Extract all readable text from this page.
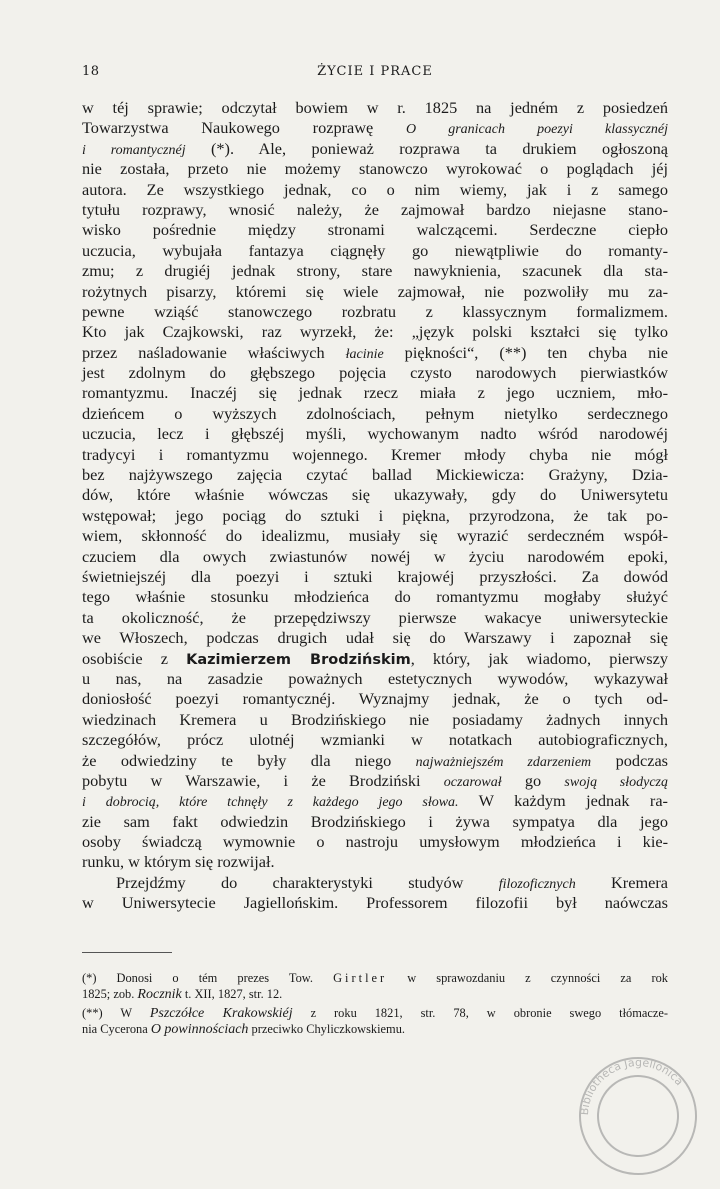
18	ŻYCIE I PRACE
w téj sprawie; odczytał bowiem w r. 1825 na jedném z posiedzeń
Towarzystwa Naukowego rozprawę O granicach poezyi klassycznéj
i romantycznéj (*). Ale, ponieważ rozprawa ta drukiem ogłoszoną
nie została, przeto nie możemy stanowczo wyrokować o poglądach jéj
autora. Ze wszystkiego jednak, co o nim wiemy, jak i z samego
tytułu rozprawy, wnosić należy, że zajmował bardzo niejasne stano-
wisko pośrednie między stronami walczącemi. Serdeczne ciepło
uczucia, wybujała fantazya ciągnęły go niewątpliwie do romanty-
zmu; z drugiéj jednak strony, stare nawyknienia, szacunek dla sta-
rożytnych pisarzy, któremi się wiele zajmował, nie pozwoliły mu za-
pewne wziąść stanowczego rozbratu z klassycznym formalizmem.
Kto jak Czajkowski, raz wyrzekł, że: „język polski kształci się tylko
przez naśladowanie właściwych łacinie piękności“, (**) ten chyba nie
jest zdolnym do głębszego pojęcia czysto narodowych pierwiastków
romantyzmu. Inaczéj się jednak rzecz miała z jego uczniem, mło-
dzieńcem o wyższych zdolnościach, pełnym nietylko serdecznego
uczucia, lecz i głębszéj myśli, wychowanym nadto wśród narodowéj
tradycyi i romantyzmu wojennego. Kremer młody chyba nie mógł
bez najżywszego zajęcia czytać ballad Mickiewicza: Grażyny, Dzia-
dów, które właśnie wówczas się ukazywały, gdy do Uniwersytetu
wstępował; jego pociąg do sztuki i piękna, przyrodzona, że tak po-
wiem, skłonność do idealizmu, musiały się wyrazić serdeczném współ-
czuciem dla owych zwiastunów nowéj w życiu narodowém epoki,
świetniejszéj dla poezyi i sztuki krajowéj przyszłości. Za dowód
tego właśnie stosunku młodzieńca do romantyzmu mogłaby służyć
ta okoliczność, że przepędziwszy pierwsze wakacye uniwersyteckie
we Włoszech, podczas drugich udał się do Warszawy i zapoznał się
osobiście z Kazimierzem Brodzińskim, który, jak wiadomo, pierwszy
u nas, na zasadzie poważnych estetycznych wywodów, wykazywał
doniosłość poezyi romantycznéj. Wyznajmy jednak, że o tych od-
wiedzinach Kremera u Brodzińskiego nie posiadamy żadnych innych
szczegółów, prócz ulotnéj wzmianki w notatkach autobiograficznych,
że odwiedziny te były dla niego najważniejszém zdarzeniem podczas
pobytu w Warszawie, i że Brodziński oczarował go swoją słodyczą
i dobrocią, które tchnęły z każdego jego słowa. W każdym jednak ra-
zie sam fakt odwiedzin Brodzińskiego i żywa sympatya dla jego
osoby świadczą wymownie o nastroju umysłowym młodzieńca i kie-
runku, w którym się rozwijał.
Przejdźmy do charakterystyki studyów filozoficznych Kremera
w Uniwersytecie Jagiellońskim. Professorem filozofii był naówczas
(*) Donosi o tém prezes Tow. Girtler w sprawozdaniu z czynności za rok
1825; zob. Rocznik t. XII, 1827, str. 12.
(**) W Pszczółce Krakowskiéj z roku 1821, str. 78, w obronie swego tłómacze-
nia Cycerona O powinnościach przeciwko Chyliczkowskiemu.
Bibliotheca Jagellonica
